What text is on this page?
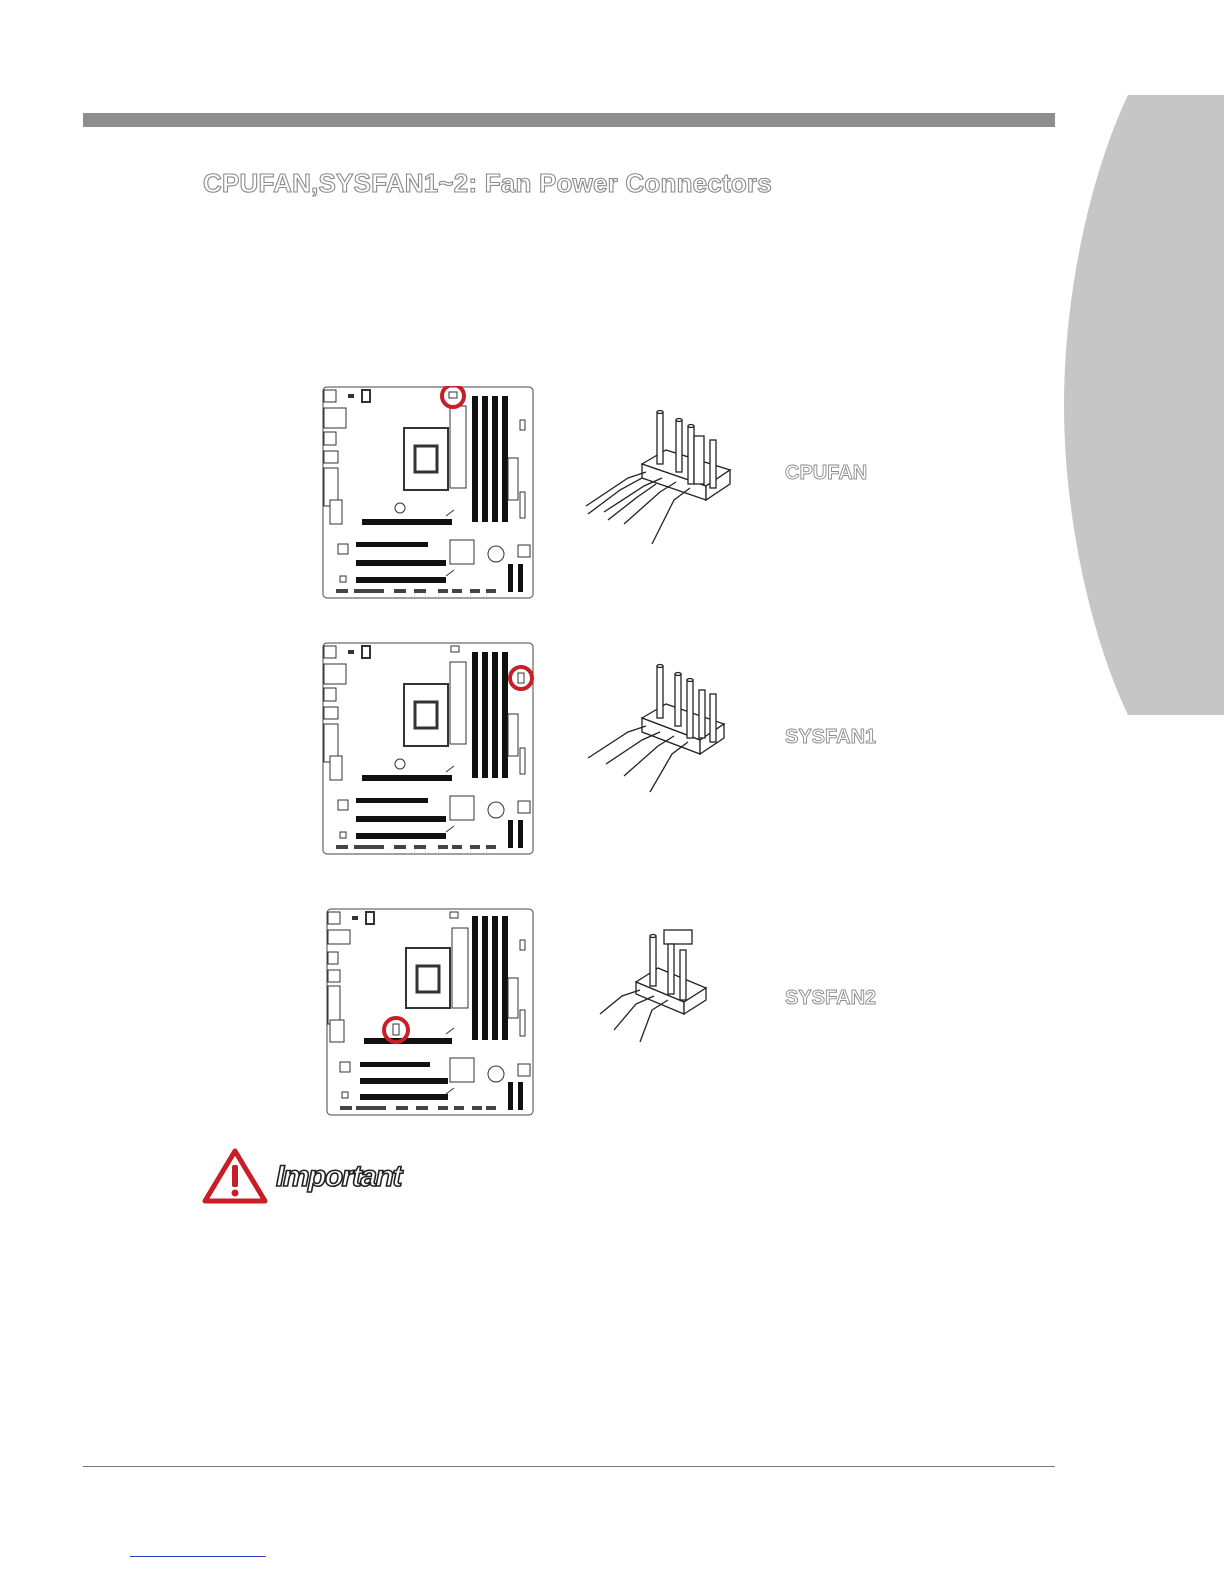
CPUFAN,SYSFAN1~2: Fan Power Connectors

CPUFAN

SYSFAN1

SYSFAN2

Important
